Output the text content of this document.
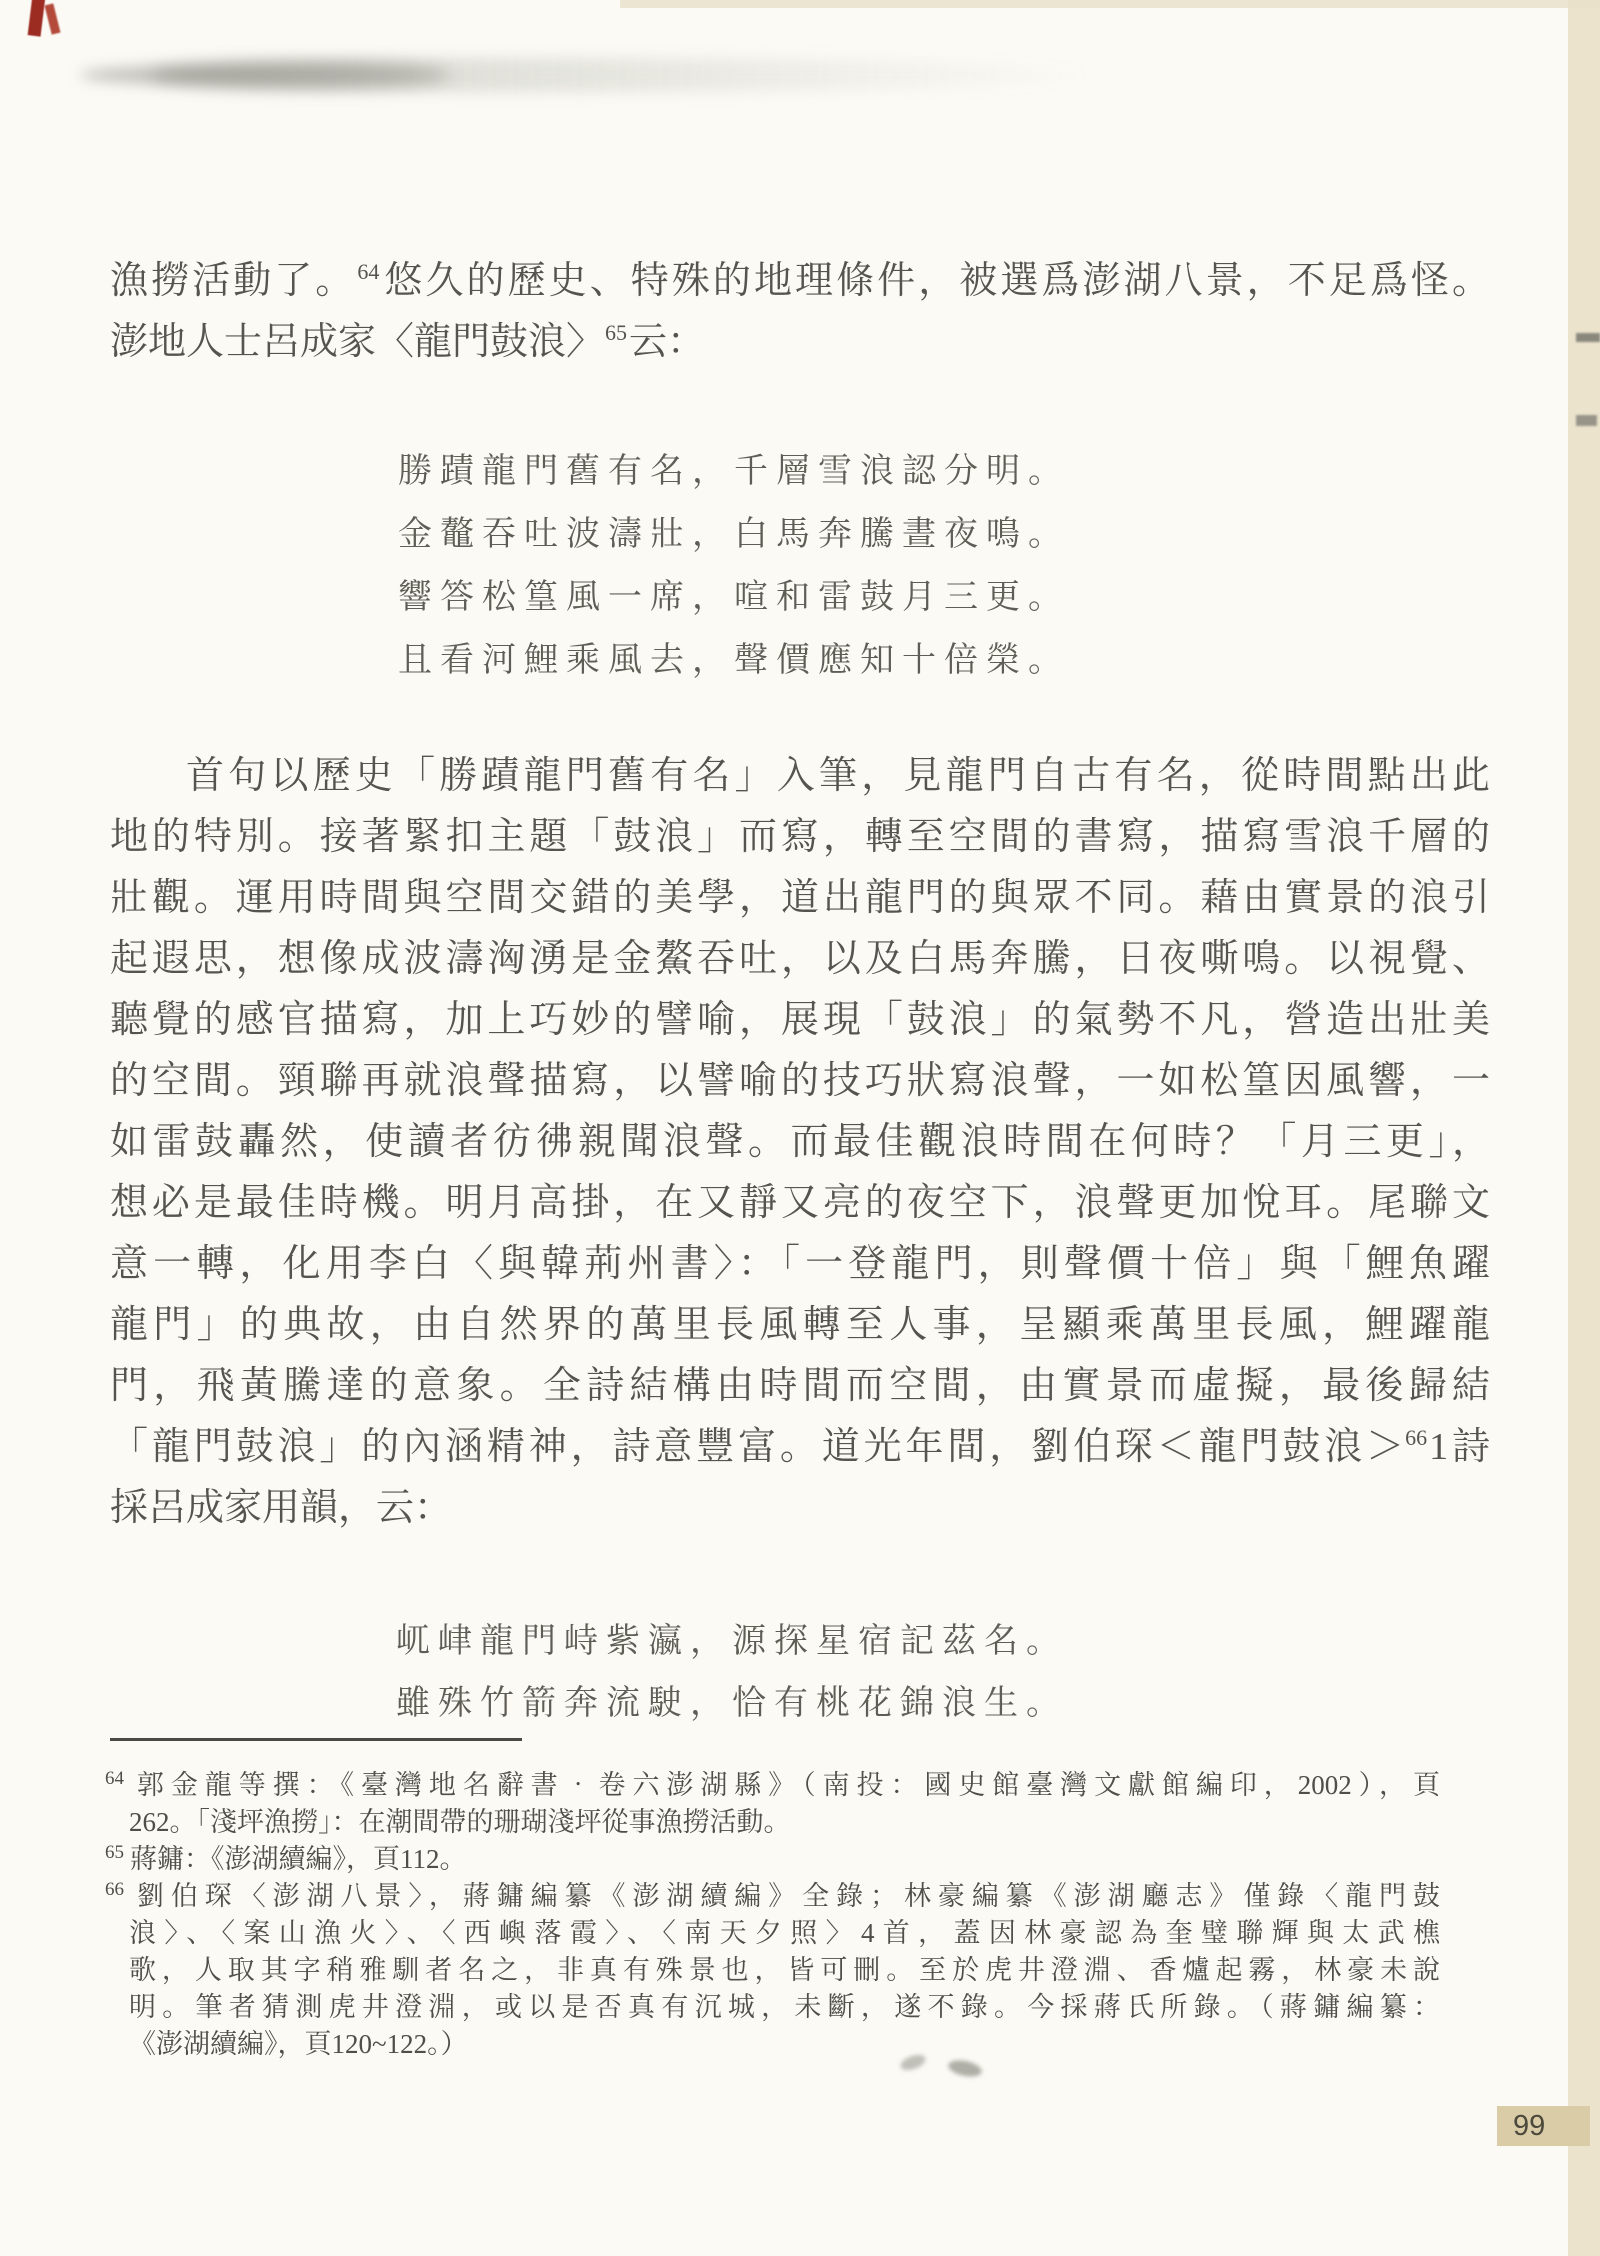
漁撈活動了。$^{64}$悠久的歷史、特殊的地理條件，被選爲澎湖八景，不足爲怪。
澎地人士呂成家〈龍門鼓浪〉$^{65}$云：
勝蹟龍門舊有名，千層雪浪認分明。
金鼇吞吐波濤壯，白馬奔騰晝夜鳴。
響答松篁風一席，喧和雷鼓月三更。
且看河鯉乘風去，聲價應知十倍榮。
首句以歷史「勝蹟龍門舊有名」入筆，見龍門自古有名，從時間點出此
地的特別。接著緊扣主題「鼓浪」而寫，轉至空間的書寫，描寫雪浪千層的
壯觀。運用時間與空間交錯的美學，道出龍門的與眾不同。藉由實景的浪引
起遐思，想像成波濤洶湧是金鰲吞吐，以及白馬奔騰，日夜嘶鳴。以視覺、
聽覺的感官描寫，加上巧妙的譬喻，展現「鼓浪」的氣勢不凡，營造出壯美
的空間。頸聯再就浪聲描寫，以譬喻的技巧狀寫浪聲，一如松篁因風響，一
如雷鼓轟然，使讀者彷彿親聞浪聲。而最佳觀浪時間在何時？「月三更」，
想必是最佳時機。明月高掛，在又靜又亮的夜空下，浪聲更加悅耳。尾聯文
意一轉，化用李白〈與韓荊州書〉：「一登龍門，則聲價十倍」與「鯉魚躍
龍門」的典故，由自然界的萬里長風轉至人事，呈顯乘萬里長風，鯉躍龍
門，飛黃騰達的意象。全詩結構由時間而空間，由實景而虛擬，最後歸結
「龍門鼓浪」的內涵精神，詩意豐富。道光年間，劉伯琛＜龍門鼓浪＞$^{66}$1詩
採呂成家用韻，云：
屼峍龍門峙紫瀛，源探星宿記茲名。
雖殊竹箭奔流駛，恰有桃花錦浪生。
$^{64}$ 郭金龍等撰：《臺灣地名辭書‧卷六澎湖縣》（南投：國史館臺灣文獻館編印，2002），頁
262。「淺坪漁撈」：在潮間帶的珊瑚淺坪從事漁撈活動。
$^{65}$ 蔣鏞：《澎湖續編》，頁112。
$^{66}$ 劉伯琛〈澎湖八景〉，蔣鏞編纂《澎湖續編》全錄；林豪編纂《澎湖廳志》僅錄〈龍門鼓
浪〉、〈案山漁火〉、〈西嶼落霞〉、〈南天夕照〉4首，蓋因林豪認為奎璧聯輝與太武樵
歌，人取其字稍雅馴者名之，非真有殊景也，皆可刪。至於虎井澄淵、香爐起霧，林豪未說
明。筆者猜測虎井澄淵，或以是否真有沉城，未斷，遂不錄。今採蔣氏所錄。（蔣鏞編纂：
《澎湖續編》，頁120~122。）
99
